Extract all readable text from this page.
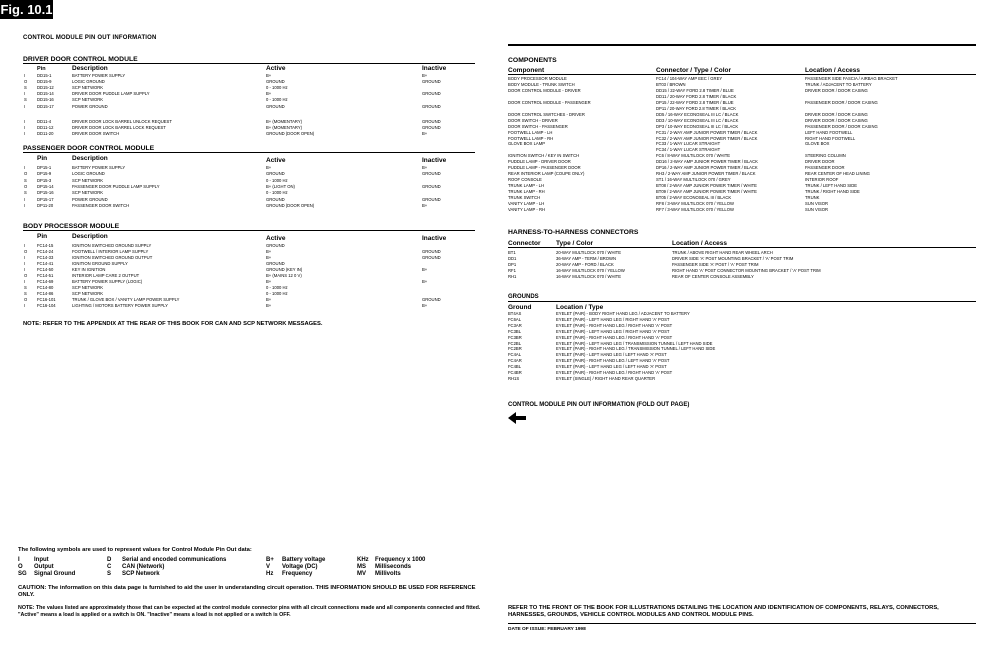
CONTROL MODULE PIN OUT INFORMATION
DRIVER DOOR CONTROL MODULE
Pin	Description	Active	Inactive
I	DD15-1	BATTERY POWER SUPPLY	B+	B+
O DD15-9	LOGIC GROUND	GROUND	GROUND
S DD15-12	SCP NETWORK	0 - 1000 Hz
I	DD15-14	DRIVER DOOR PUDDLE LAMP SUPPLY	B+	GROUND
S DD15-16	SCP NETWORK	0 - 1000 Hz
I	DD15-17	POWER GROUND	GROUND	GROUND
I	DD11-4	DRIVER DOOR LOCK BARREL UNLOCK REQUEST	B+ (MOMENTARY)	GROUND
I	DD11-12	DRIVER DOOR LOCK BARREL LOCK REQUEST	B+ (MOMENTARY)	GROUND
I	DD11-20	DRIVER DOOR SWITCH	GROUND (DOOR OPEN)	B+
PASSENGER DOOR CONTROL MODULE
Pin	Description	Active	Inactive
I	DP15-1	BATTERY POWER SUPPLY	B+	B+
O DP15-9	LOGIC GROUND	GROUND	GROUND
S DP15-3	SCP NETWORK	0 - 1000 Hz
O DP15-14	PASSENGER DOOR PUDDLE LAMP SUPPLY	B+ (LIGHT ON)	GROUND
S DP15-16	SCP NETWORK	0 - 1000 Hz
I	DP15-17	POWER GROUND	GROUND	GROUND
I	DP11-20	PASSENGER DOOR SWITCH	GROUND (DOOR OPEN)	B+
BODY PROCESSOR MODULE
Pin	Description	Active	Inactive
I	FC14-15	IGNITION SWITCHED GROUND SUPPLY	GROUND
O FC14-24	FOOTWELL / INTERIOR LAMP SUPPLY	B+	GROUND
I	FC14-33	IGNITION SWITCHED GROUND OUTPUT	B+	GROUND
I	FC14-41	IGNITION GROUND SUPPLY	GROUND
I	FC14-50	KEY IN IGNITION	GROUND (KEY IN)	B+
O FC14-51	INTERIOR LAMP CARE 2 OUTPUT	B+ (MAINS 12 0 V)
I	FC14-69	BATTERY POWER SUPPLY (LOGIC)	B+	B+
S FC14-80	SCP NETWORK	0 - 1000 Hz
S FC14-86	SCP NETWORK	0 - 1000 Hz
O FC16-101	TRUNK / GLOVE BOX / VANITY LAMP POWER SUPPLY	B+	GROUND
I	FC16-104	LIGHTING / MOTORS BATTERY POWER SUPPLY	B+	B+
NOTE: REFER TO THE APPENDIX AT THE REAR OF THIS BOOK FOR CAN AND SCP NETWORK MESSAGES.
The following symbols are used to represent values for Control Module Pin Out data:
I Input
O Output
SG Signal Ground
D Serial and encoded communications
C CAN (Network)
S SCP Network
B+ Battery voltage
V Voltage (DC)
Hz Frequency
KHz Frequency x 1000
MS Milliseconds
MV Millivolts
CAUTION: The information on this data page is furnished to aid the user in understanding circuit operation. THIS INFORMATION SHOULD BE USED FOR REFERENCE ONLY.
NOTE: The values listed are approximately those that can be expected at the control module connector pins with all circuit connections made and all components connected and fitted. "Active" means a load is applied or a switch is ON. "Inactive" means a load is not applied or a switch is OFF.
Fig. 10.1
COMPONENTS
Component	Connector / Type / Color	Location / Access
BODY PROCESSOR MODULE	FC14 / 104-WAY AMP EEC / GREY	PASSENGER SIDE FASCIA / AIRBAG BRACKET
BODY MODULE - TRUNK SWITCH	BT03 / BROWN	TRUNK / ADJACENT TO BATTERY
DOOR CONTROL MODULE - DRIVER	DD15 / 22-WAY FORD 2.8 TIMER / BLUE	DRIVER DOOR / DOOR CASING
DD11 / 20-WAY FORD 2.8 TIMER / BLACK
DOOR CONTROL MODULE - PASSENGER	DP15 / 22-WAY FORD 2.8 TIMER / BLUE	PASSENGER DOOR / DOOR CASING
DP11 / 20-WAY FORD 2.8 TIMER / BLACK
DOOR CONTROL SWITCHES - DRIVER	DD5 / 16-WAY ECONOSEAL III LC / BLACK	DRIVER DOOR / DOOR CASING
DOOR SWITCH - DRIVER	DD3 / 10-WAY ECONOSEAL III LC / BLACK	DRIVER DOOR / DOOR CASING
DOOR SWITCH - PASSENGER	DP3 / 10-WAY ECONOSEAL III LC / BLACK	PASSENGER DOOR / DOOR CASING
FOOTWELL LAMP - LH	FC31 / 2-WAY AMP JUNIOR POWER TIMER / BLACK	LEFT HAND FOOTWELL
FOOTWELL LAMP - RH	FC32 / 2-WAY AMP JUNIOR POWER TIMER / BLACK	RIGHT HAND FOOTWELL
GLOVE BOX LAMP	FC33 / 1-WAY LUCAR STRAIGHT	GLOVE BOX
FC34 / 1-WAY LUCAR STRAIGHT
IGNITION SWITCH / KEY IN SWITCH	FC6 / 8-WAY MULTILOCK 070 / WHITE	STEERING COLUMN
PUDDLE LAMP - DRIVER DOOR	DD16 / 2-WAY AMP JUNIOR POWER TIMER / BLACK	DRIVER DOOR
PUDDLE LAMP - PASSENGER DOOR	DP16 / 2-WAY AMP JUNIOR POWER TIMER / BLACK	PASSENGER DOOR
REAR INTERIOR LAMP (COUPE ONLY)	RH3 / 2-WAY AMP JUNIOR POWER TIMER / BLACK	REAR CENTER OF HEAD LINING
ROOF CONSOLE	ST1 / 16-WAY MULTILOCK 070 / GREY	INTERIOR ROOF
TRUNK LAMP - LH	BT08 / 2-WAY AMP JUNIOR POWER TIMER / WHITE	TRUNK / LEFT HAND SIDE
TRUNK LAMP - RH	BT09 / 2-WAY AMP JUNIOR POWER TIMER / WHITE	TRUNK / RIGHT HAND SIDE
TRUNK SWITCH	BT05 / 2-WAY ECONOSEAL III / BLACK	TRUNK
VANITY LAMP - LH	RF8 / 3-WAY MULTILOCK 070 / YELLOW	SUN VISOR
VANITY LAMP - RH	RF7 / 3-WAY MULTILOCK 070 / YELLOW	SUN VISOR
HARNESS-TO-HARNESS CONNECTORS
Connector Type / Color	Location / Access
BT1	20-WAY MULTILOCK 070 / WHITE	TRUNK / ABOVE RIGHT HAND REAR WHEEL ARCH
DD1	36-WAY AMP - TERM / BROWN	DRIVER SIDE 'A' POST MOUNTING BRACKET / 'A' POST TRIM
DP1	20-WAY AMP - FORD / BLACK	PASSENGER SIDE 'A' POST / 'A' POST TRIM
RF1	16-WAY MULTILOCK 070 / YELLOW	RIGHT HAND 'A' POST CONNECTOR MOUNTING BRACKET / 'A' POST TRIM
RH1	16-WAY MULTILOCK 070 / WHITE	REAR OF CENTER CONSOLE ASSEMBLY
GROUNDS
Ground	Location / Type
BT4AS	EYELET (PAIR) - BODY RIGHT HAND LEG / ADJACENT TO BATTERY
FC6AL	EYELET (PAIR) - LEFT HAND LEG / RIGHT HAND 'A' POST
FC3AR	EYELET (PAIR) - RIGHT HAND LEG / RIGHT HAND 'A' POST
FC3BL	EYELET (PAIR) - LEFT HAND LEG / RIGHT HAND 'A' POST
FC3BR	EYELET (PAIR) - RIGHT HAND LEG / RIGHT HAND 'A' POST
FC2BL	EYELET (PAIR) - LEFT HAND LEG / TRANSMISSION TUNNEL / LEFT HAND SIDE
FC2BR	EYELET (PAIR) - RIGHT HAND LEG / TRANSMISSION TUNNEL / LEFT HAND SIDE
FC4AL	EYELET (PAIR) - LEFT HAND LEG / LEFT HAND 'A' POST
FC4AR	EYELET (PAIR) - RIGHT HAND LEG / LEFT HAND 'A' POST
FC4BL	EYELET (PAIR) - LEFT HAND LEG / LEFT HAND 'A' POST
FC4BR	EYELET (PAIR) - RIGHT HAND LEG / RIGHT HAND 'A' POST
RH1S	EYELET (SINGLE) / RIGHT HAND REAR QUARTER
CONTROL MODULE PIN OUT INFORMATION (FOLD OUT PAGE)
REFER TO THE FRONT OF THE BOOK FOR ILLUSTRATIONS DETAILING THE LOCATION AND IDENTIFICATION OF COMPONENTS, RELAYS, CONNECTORS, HARNESSES, GROUNDS, VEHICLE CONTROL MODULES AND CONTROL MODULE PINS.
DATE OF ISSUE: FEBRUARY 1998
